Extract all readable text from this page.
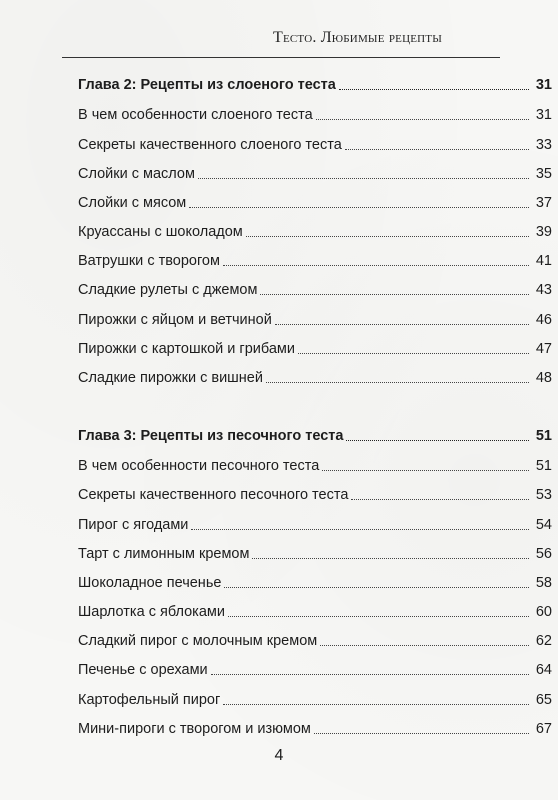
Тесто. Любимые рецепты
Глава 2: Рецепты из слоеного теста	31
В чем особенности слоеного теста	31
Секреты качественного слоеного теста	33
Слойки с маслом	35
Слойки с мясом	37
Круассаны с шоколадом	39
Ватрушки с творогом	41
Сладкие рулеты с джемом	43
Пирожки с яйцом и ветчиной	46
Пирожки с картошкой и грибами	47
Сладкие пирожки с вишней	48
Глава 3: Рецепты из песочного теста	51
В чем особенности песочного теста	51
Секреты качественного песочного теста	53
Пирог с ягодами	54
Тарт с лимонным кремом	56
Шоколадное печенье	58
Шарлотка с яблоками	60
Сладкий пирог с молочным кремом	62
Печенье с орехами	64
Картофельный пирог	65
Мини-пироги с творогом и изюмом	67
4
